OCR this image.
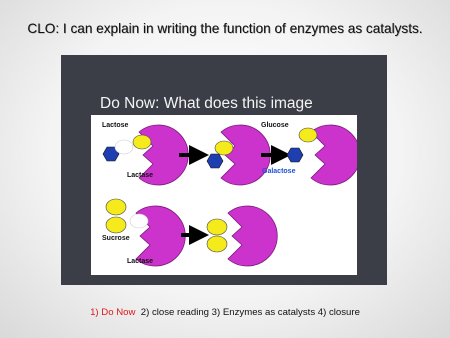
CLO: I can explain in writing the function of enzymes as catalysts.
Do Now: What does this image
Lactose
Lactase
Glucose
Galactose
Sucrose
Lactase
1) Do Now  2) close reading 3) Enzymes as catalysts 4) closure
